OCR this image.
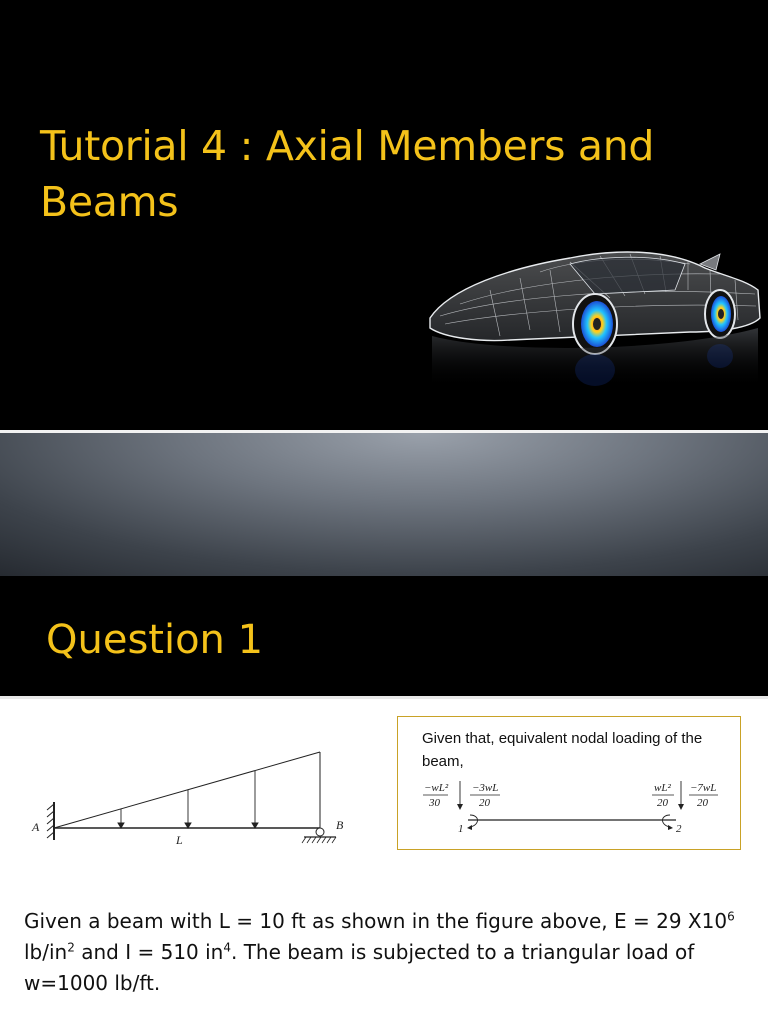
Tutorial 4 : Axial Members and Beams
Question 1
A	B
L

Given that, equivalent nodal loading of the beam,

−wL²
30
−3wL
20
1
wL²
20
−7wL
20
2

Given a beam with L = 10 ft as shown in the figure above, E = 29 $X10^6$ $lb/in^2$ and I = 510 $in^4$. The beam is subjected to a triangular load of w=1000 lb/ft.
